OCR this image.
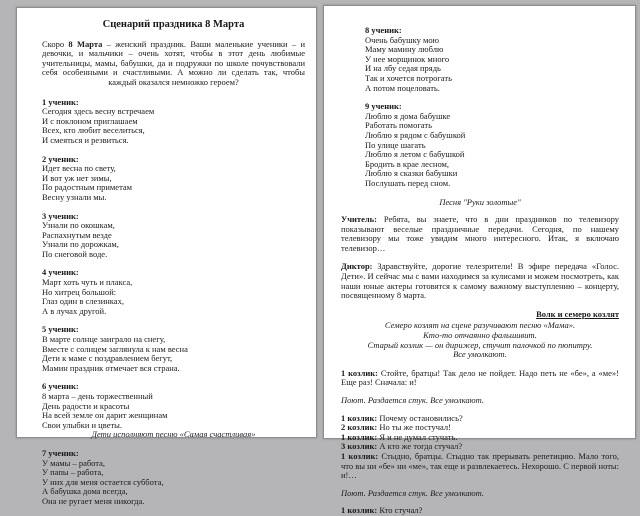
Сценарий праздника 8 Марта
Скоро 8 Марта – женский праздник. Ваши маленькие ученики – и девочки, и мальчики – очень хотят, чтобы в этот день любимые учительницы, мамы, бабушки, да и подружки по школе почувствовали себя особенными и счастливыми. А можно ли сделать так, чтобы каждый оказался немножко героем?
1 ученик:
Сегодня здесь весну встречаем
И с поклоном приглашаем
Всех, кто любит веселиться,
И смеяться и резвиться.
2 ученик:
Идет весна по свету,
И вот уж нет зимы,
По радостным приметам
Весну узнали мы.
3 ученик:
Узнали по окошкам,
Распахнутым везде
Узнали по дорожкам,
По снеговой воде.
4 ученик:
Март хоть чуть и плакса,
Но хитрец большой:
Глаз один в слезинках,
А в лучах другой.
5 ученик:
В марте солнце заиграло на снегу,
Вместе с солнцем заглянула к нам весна
Дети к маме с поздравлением бегут,
Мамин праздник отмечает вся страна.
6 ученик:
8 марта – день торжественный
День радости и красоты
На всей земле он дарит женщинам
Свои улыбки и цветы.
Дети исполняют песню «Самая счастливая»
7 ученик:
У мамы – работа,
У папы – работа,
У них для меня остается суббота,
А бабушка дома всегда,
Она не ругает меня никогда.
8 ученик:
Очень бабушку мою
Маму мамину люблю
У нее морщинок много
И на лбу седая прядь
Так и хочется потрогать
А потом поцеловать.
9 ученик:
Люблю я дома бабушке
Работать помогать
Люблю я рядом с бабушкой
По улице шагать
Люблю я летом с бабушкой
Бродить в крае лесном,
Люблю я сказки бабушки
Послушать перед сном.
Песня "Руки золотые"

Учитель: Ребята, вы знаете, что в дни праздников по телевизору показывают веселые праздничные передачи. Сегодня, по нашему телевизору мы тоже увидим много интересного. Итак, я включаю телевизор…

Диктор: Здравствуйте, дорогие телезрители! В эфире передача «Голос. Дети». И сейчас мы с вами находимся за кулисами и можем посмотреть, как наши юные актеры готовятся к самому важному выступлению – концерту, посвященному 8 марта.

Волк и семеро козлят
Семеро козлят на сцене разучивают песню «Мама».
Кто-то отчаянно фальшивит.
Старый козлик — он дирижер, стучит палочкой по пюпитру.
Все умолкают.

1 козлик: Стойте, братцы! Так дело не пойдет. Надо петь не «бе», а «ме»! Еще раз! Сначала: и!

Поют. Раздается стук. Все умолкают.

1 козлик: Почему остановились?

2 козлик: Но ты же постучал!

1 козлик: Я и не думал стучать.

3 козлик: А кто же тогда стучал?

1 козлик: Стыдно, братцы. Стыдно так прерывать репетицию. Мало того, что вы ни «бе» ни «ме», так еще и развлекаетесь. Нехорошо. С первой ноты: и!…

Поют. Раздается стук. Все умолкают.

1 козлик: Кто стучал?
